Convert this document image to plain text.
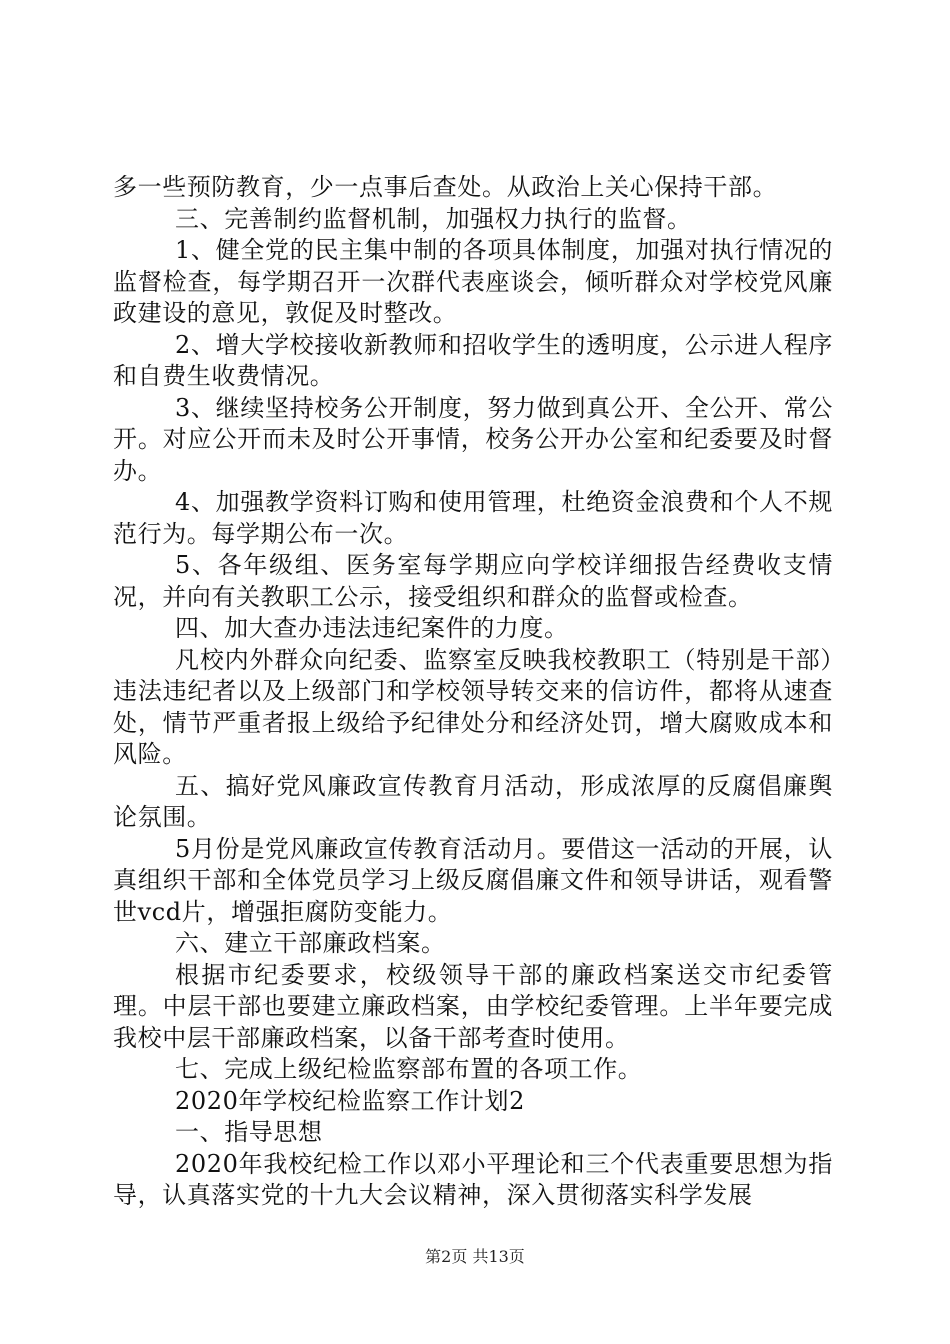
多一些预防教育，少一点事后查处。从政治上关心保持干部。

三、完善制约监督机制，加强权力执行的监督。

1、健全党的民主集中制的各项具体制度，加强对执行情况的监督检查，每学期召开一次群代表座谈会，倾听群众对学校党风廉政建设的意见，敦促及时整改。

2、增大学校接收新教师和招收学生的透明度，公示进人程序和自费生收费情况。

3、继续坚持校务公开制度，努力做到真公开、全公开、常公开。对应公开而未及时公开事情，校务公开办公室和纪委要及时督办。

4、加强教学资料订购和使用管理，杜绝资金浪费和个人不规范行为。每学期公布一次。

5、各年级组、医务室每学期应向学校详细报告经费收支情况，并向有关教职工公示，接受组织和群众的监督或检查。

四、加大查办违法违纪案件的力度。

凡校内外群众向纪委、监察室反映我校教职工（特别是干部）违法违纪者以及上级部门和学校领导转交来的信访件，都将从速查处，情节严重者报上级给予纪律处分和经济处罚，增大腐败成本和风险。

五、搞好党风廉政宣传教育月活动，形成浓厚的反腐倡廉舆论氛围。

5月份是党风廉政宣传教育活动月。要借这一活动的开展，认真组织干部和全体党员学习上级反腐倡廉文件和领导讲话，观看警世vcd片，增强拒腐防变能力。

六、建立干部廉政档案。

根据市纪委要求，校级领导干部的廉政档案送交市纪委管理。中层干部也要建立廉政档案，由学校纪委管理。上半年要完成我校中层干部廉政档案，以备干部考查时使用。

七、完成上级纪检监察部布置的各项工作。

2020年学校纪检监察工作计划2

一、指导思想

2020年我校纪检工作以邓小平理论和三个代表重要思想为指导，认真落实党的十九大会议精神，深入贯彻落实科学发展

第2页 共13页
